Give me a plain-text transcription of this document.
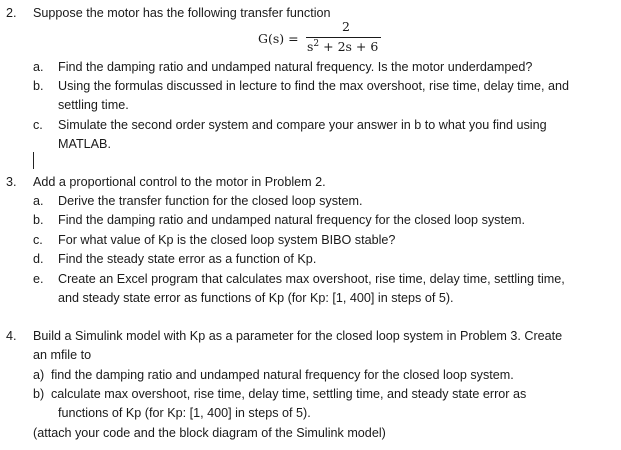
2. Suppose the motor has the following transfer function
G(s) =
2
$s^2 + 2s + 6$
a. Find the damping ratio and undamped natural frequency. Is the motor underdamped?
b. Using the formulas discussed in lecture to find the max overshoot, rise time, delay time, and
settling time.
c. Simulate the second order system and compare your answer in b to what you find using
MATLAB.
3. Add a proportional control to the motor in Problem 2.
a. Derive the transfer function for the closed loop system.
b. Find the damping ratio and undamped natural frequency for the closed loop system.
c. For what value of Kp is the closed loop system BIBO stable?
d. Find the steady state error as a function of Kp.
e. Create an Excel program that calculates max overshoot, rise time, delay time, settling time,
and steady state error as functions of Kp (for Kp: [1, 400] in steps of 5).
4. Build a Simulink model with Kp as a parameter for the closed loop system in Problem 3. Create
an mfile to
a) find the damping ratio and undamped natural frequency for the closed loop system.
b) calculate max overshoot, rise time, delay time, settling time, and steady state error as
functions of Kp (for Kp: [1, 400] in steps of 5).
(attach your code and the block diagram of the Simulink model)
